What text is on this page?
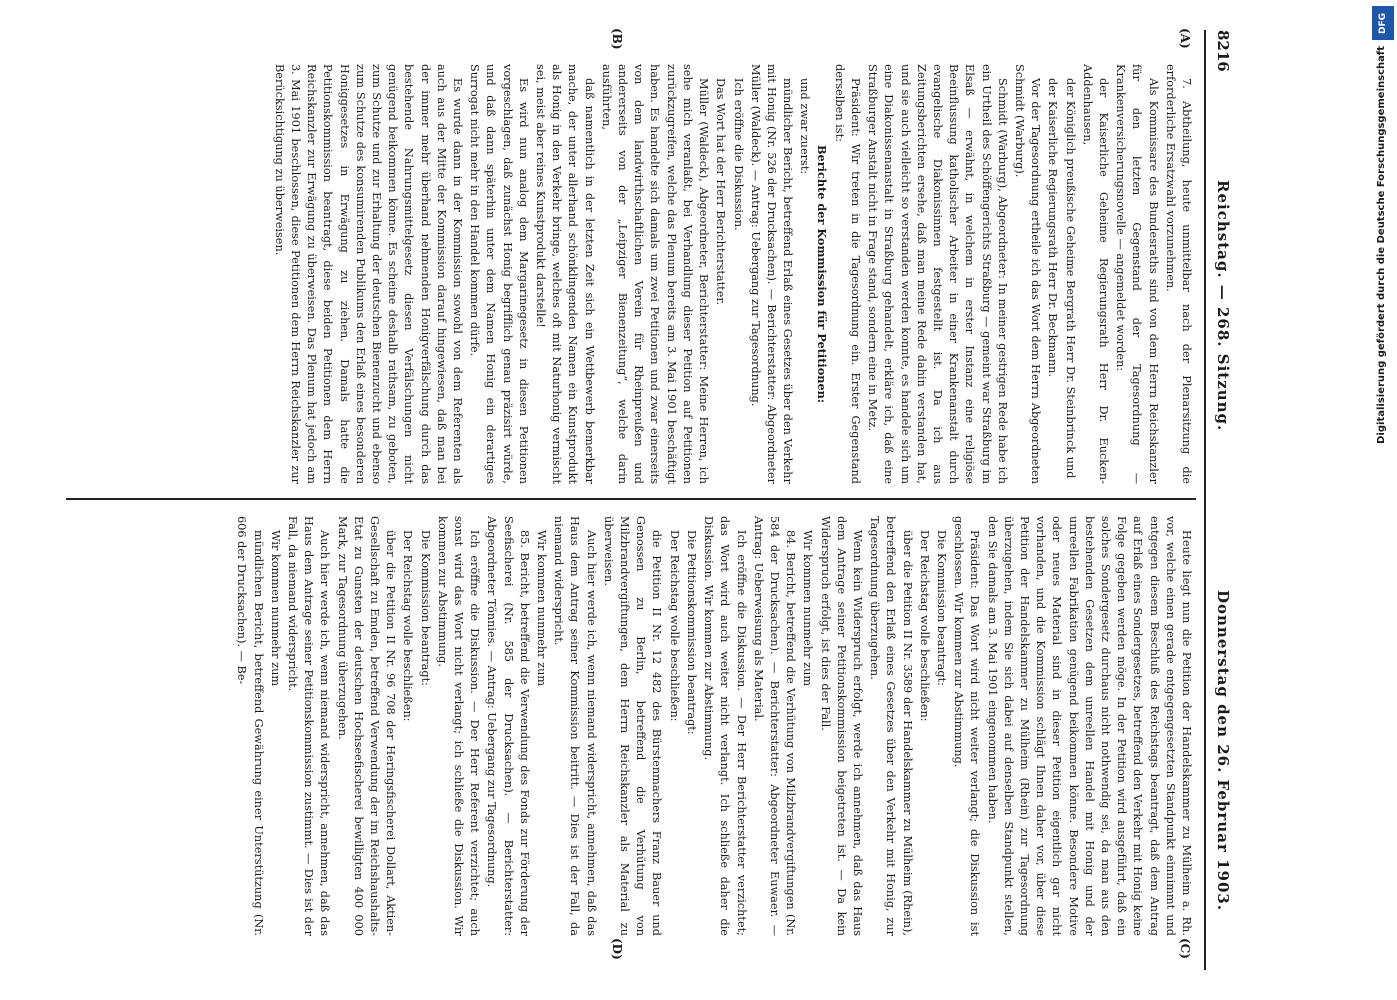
8216
Reichstag. — 268. Sitzung.
Donnerstag den 26. Februar 1903.
(A)
(B)
(C)
(D)

7. Abtheilung, heute unmittelbar nach der Plenarsitzung die erforderliche Ersatzwahl vorzunehmen.

Als Kommissare des Bundesraths sind von dem Herrn Reichskanzler für den letzten Gegenstand der Tagesordnung — Krankenversicherungsnovelle — angemeldet worden:

der Kaiserliche Geheime Regierungsrath Herr Dr. Eucken-Addenhausen,

der Königlich preußische Geheime Bergrath Herr Dr. Steinbrinck und

der Kaiserliche Regierungsrath Herr Dr. Beckmann.

Vor der Tagesordnung ertheile ich das Wort dem Herrn Abgeordneten Schmidt (Warburg).

Schmidt (Warburg), Abgeordneter: In meiner gestrigen Rede habe ich ein Urtheil des Schöffengerichts Straßburg — gemeint war Straßburg im Elsaß — erwähnt, in welchem in erster Instanz eine religiöse Beeinflussung katholischer Arbeiter in einer Krankenanstalt durch evangelische Diakonissinnen festgestellt ist. Da ich aus Zeitungsberichten ersehe, daß man meine Rede dahin verstanden hat, und sie auch vielleicht so verstanden werden konnte, es handele sich um eine Diakonissenanstalt in Straßburg gehandelt, erkläre ich, daß eine Straßburger Anstalt nicht in Frage stand, sondern eine in Metz.

Präsident: Wir treten in die Tagesordnung ein. Erster Gegenstand derselben ist:

Berichte der Kommission für Petitionen:

und zwar zuerst:

mündlicher Bericht, betreffend Erlaß eines Gesetzes über den Verkehr mit Honig (Nr. 526 der Drucksachen). — Berichterstatter: Abgeordneter Müller (Waldeck). — Antrag: Uebergang zur Tagesordnung.

Ich eröffne die Diskussion.

Das Wort hat der Herr Berichterstatter.

Müller (Waldeck), Abgeordneter, Berichterstatter: Meine Herren, ich sehe mich veranlaßt, bei Verhandlung dieser Petition auf Petitionen zurückzugreifen, welche das Plenum bereits am 3. Mai 1901 beschäftigt haben. Es handelte sich damals um zwei Petitionen und zwar einerseits von dem landwirthschaftlichen Verein für Rheinpreußen und andererseits von der „Leipziger Bienenzeitung“, welche darin ausführten,

daß namentlich in der letzten Zeit sich ein Wettbewerb bemerkbar mache, der unter allerhand schönklingenden Namen ein Kunstprodukt als Honig in den Verkehr bringe, welches oft mit Naturhonig vermischt sei, meist aber reines Kunstprodukt darstelle!

Es wird nun analog dem Margarinegesetz in diesen Petitionen vorgeschlagen, daß zunächst Honig begrifflich genau präzisirt würde, und daß dann späterhin unter dem Namen Honig ein derartiges Surrogat nicht mehr in den Handel kommen dürfe.

Es wurde dann in der Kommission sowohl von dem Referenten als auch aus der Mitte der Kommission darauf hingewiesen, daß man bei der immer mehr überhand nehmenden Honigverfälschung durch das bestehende Nahrungsmittelgesetz diesen Verfälschungen nicht genügend beikommen könne. Es scheine deshalb rathsam, zu geboten, zum Schutze und zur Erhaltung der deutschen Bienenzucht und ebenso zum Schutze des konsumirenden Publikums den Erlaß eines besonderen Honiggesetzes in Erwägung zu ziehen. Damals hatte die Petitionskommission beantragt, diese beiden Petitionen dem Herrn Reichskanzler zur Erwägung zu überweisen. Das Plenum hat jedoch am 3. Mai 1901 beschlossen, diese Petitionen dem Herrn Reichskanzler zur Berücksichtigung zu überweisen.

Heute liegt nun die Petition der Handelskammer zu Mülheim a. Rh. vor, welche einen gerade entgegengesetzten Standpunkt einnimmt und entgegen diesem Beschluß des Reichstags beantragt, daß dem Antrag auf Erlaß eines Sondergesetzes, betreffend den Verkehr mit Honig keine Folge gegeben werden möge. In der Petition wird ausgeführt, daß ein solches Sondergesetz durchaus nicht nothwendig sei, da man aus den bestehenden Gesetzen dem unreellen Handel mit Honig und der unreellen Fabrikation genügend beikommen könne. Besondere Motive oder neues Material sind in dieser Petition eigentlich gar nicht vorhanden, und die Kommission schlägt Ihnen daher vor, über diese Petition der Handelskammer zu Mülheim (Rhein) zur Tagesordnung überzugehen, indem Sie sich dabei auf denselben Standpunkt stellen, den Sie damals am 3. Mai 1901 eingenommen haben.

Präsident: Das Wort wird nicht weiter verlangt; die Diskussion ist geschlossen. Wir kommen zur Abstimmung.

Die Kommission beantragt:

Der Reichstag wolle beschließen:

über die Petition II Nr. 3589 der Handelskammer zu Mülheim (Rhein), betreffend den Erlaß eines Gesetzes über den Verkehr mit Honig, zur Tagesordnung überzugehen.

Wenn kein Widerspruch erfolgt, werde ich annehmen, daß das Haus dem Antrage seiner Petitionskommission beigetreten ist. — Da kein Widerspruch erfolgt, ist dies der Fall.

Wir kommen nunmehr zum

84. Bericht, betreffend die Verhütung von Milzbrandvergiftungen (Nr. 584 der Drucksachen). — Berichterstatter: Abgeordneter Euwaer. — Antrag: Ueberweisung als Material.

Ich eröffne die Diskussion. — Der Herr Berichterstatter verzichtet; das Wort wird auch weiter nicht verlangt. Ich schließe daher die Diskussion. Wir kommen zur Abstimmung.

Die Petitionskommission beantragt:

Der Reichstag wolle beschließen:

die Petition II Nr. 12 482 des Bürstenmachers Franz Bauer und Genossen zu Berlin, betreffend die Verhütung von Milzbrandvergiftungen, dem Herrn Reichskanzler als Material zu überweisen.

Auch hier werde ich, wenn niemand widerspricht, annehmen, daß das Haus dem Antrag seiner Kommission beitritt. — Dies ist der Fall, da niemand widerspricht.

Wir kommen nunmehr zum

85. Bericht, betreffend die Verwendung des Fonds zur Förderung der Seefischerei (Nr. 585 der Drucksachen). — Berichterstatter: Abgeordneter Tönnies. — Antrag: Uebergang zur Tagesordnung.

Ich eröffne die Diskussion. — Der Herr Referent verzichtet; auch sonst wird das Wort nicht verlangt; ich schließe die Diskussion. Wir kommen zur Abstimmung.

Die Kommission beantragt:

Der Reichstag wolle beschließen:

über die Petition II Nr. 96 708 der Heringsfischerei Dollart, Aktien-Gesellschaft zu Emden, betreffend Verwendung der im Reichshaushalts-Etat zu Gunsten der deutschen Hochseefischerei bewilligten 400 000 Mark, zur Tagesordnung überzugehen.

Auch hier werde ich, wenn niemand widerspricht, annehmen, daß das Haus dem Antrage seiner Petitionskommission zustimmt. — Dies ist der Fall, da niemand widerspricht.

Wir kommen nunmehr zum

mündlichen Bericht, betreffend Gewährung einer Unterstützung (Nr. 606 der Drucksachen). — Be-

DFG
Digitalisierung gefördert durch die Deutsche Forschungsgemeinschaft
